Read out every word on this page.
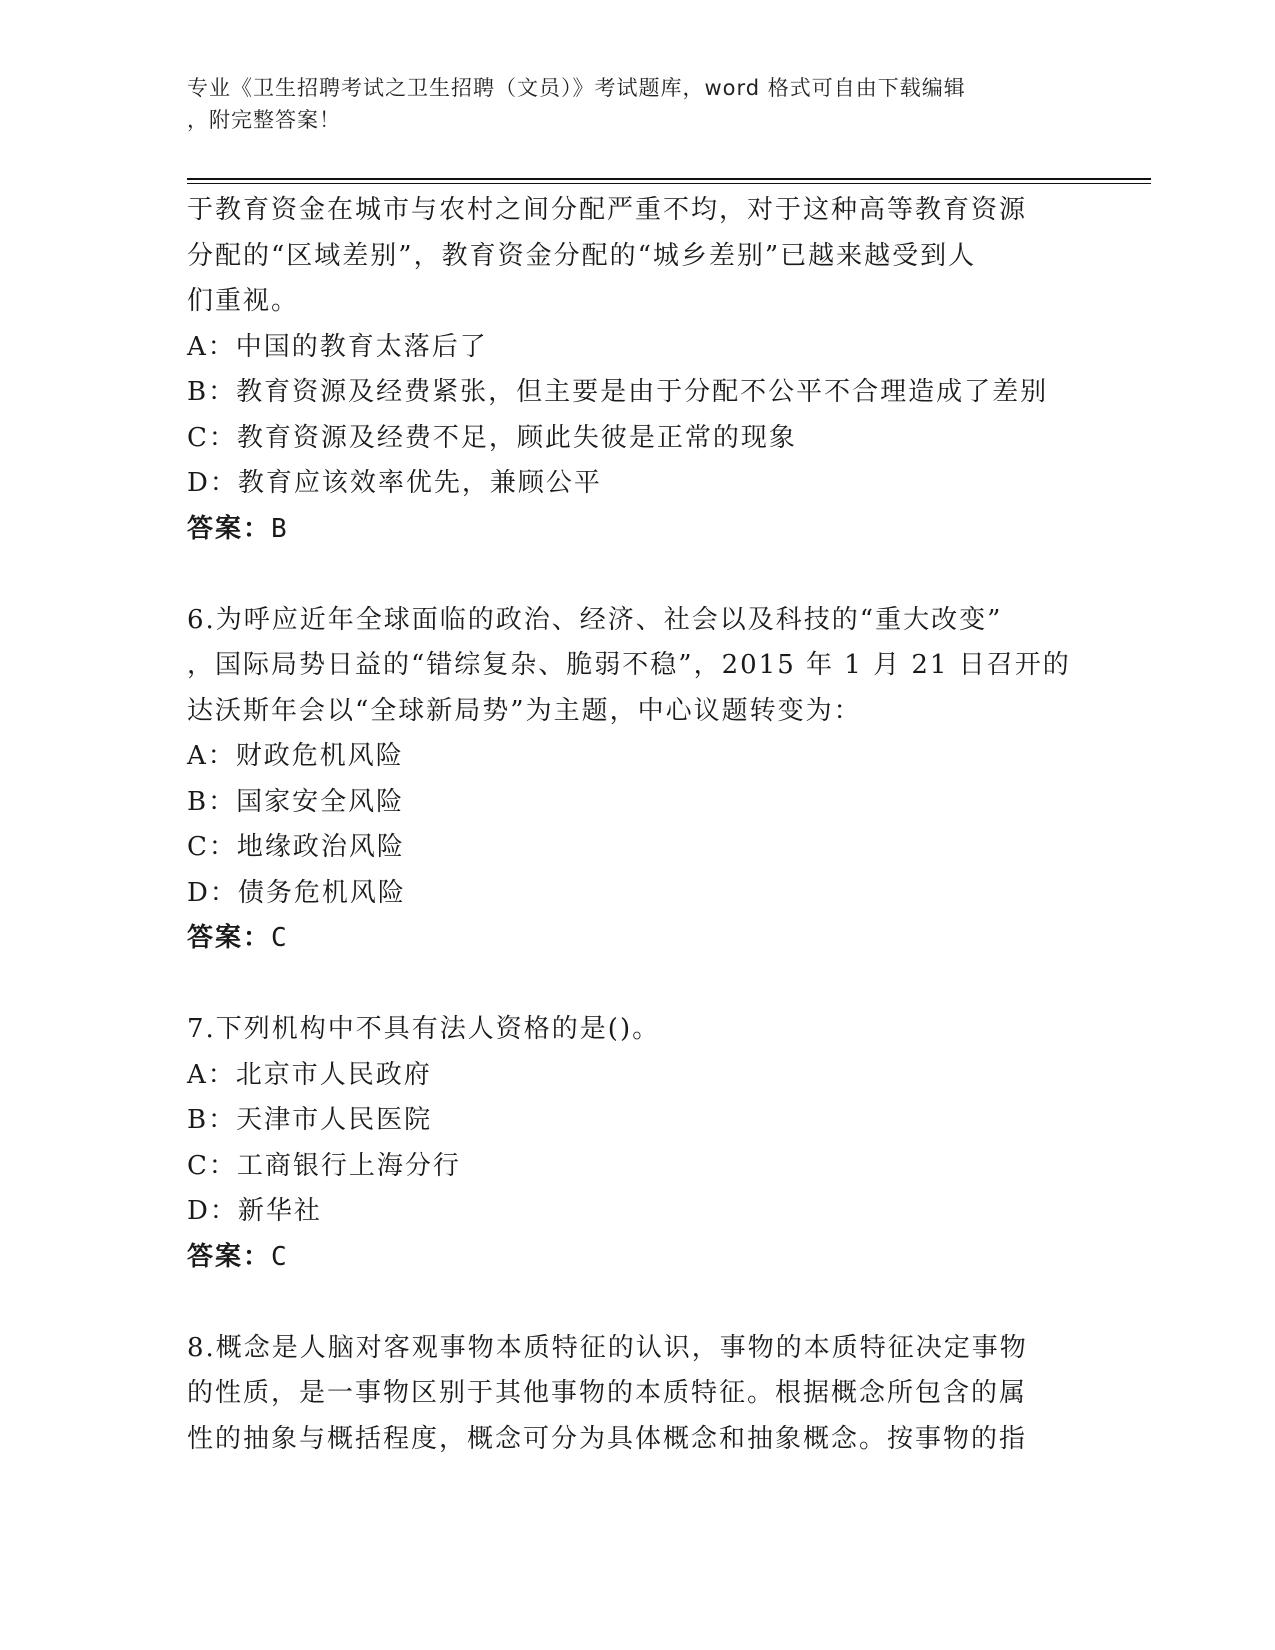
专业《卫生招聘考试之卫生招聘（文员）》考试题库，word 格式可自由下载编辑
，附完整答案！
于教育资金在城市与农村之间分配严重不均，对于这种高等教育资源
分配的“区域差别”，教育资金分配的“城乡差别”已越来越受到人
们重视。
A：中国的教育太落后了
B：教育资源及经费紧张，但主要是由于分配不公平不合理造成了差别
C：教育资源及经费不足，顾此失彼是正常的现象
D：教育应该效率优先，兼顾公平
答案：B
6.为呼应近年全球面临的政治、经济、社会以及科技的“重大改变”
，国际局势日益的“错综复杂、脆弱不稳”，2015 年 1 月 21 日召开的
达沃斯年会以“全球新局势”为主题，中心议题转变为：
A：财政危机风险
B：国家安全风险
C：地缘政治风险
D：债务危机风险
答案：C
7.下列机构中不具有法人资格的是()。
A：北京市人民政府
B：天津市人民医院
C：工商银行上海分行
D：新华社
答案：C
8.概念是人脑对客观事物本质特征的认识，事物的本质特征决定事物
的性质，是一事物区别于其他事物的本质特征。根据概念所包含的属
性的抽象与概括程度，概念可分为具体概念和抽象概念。按事物的指
